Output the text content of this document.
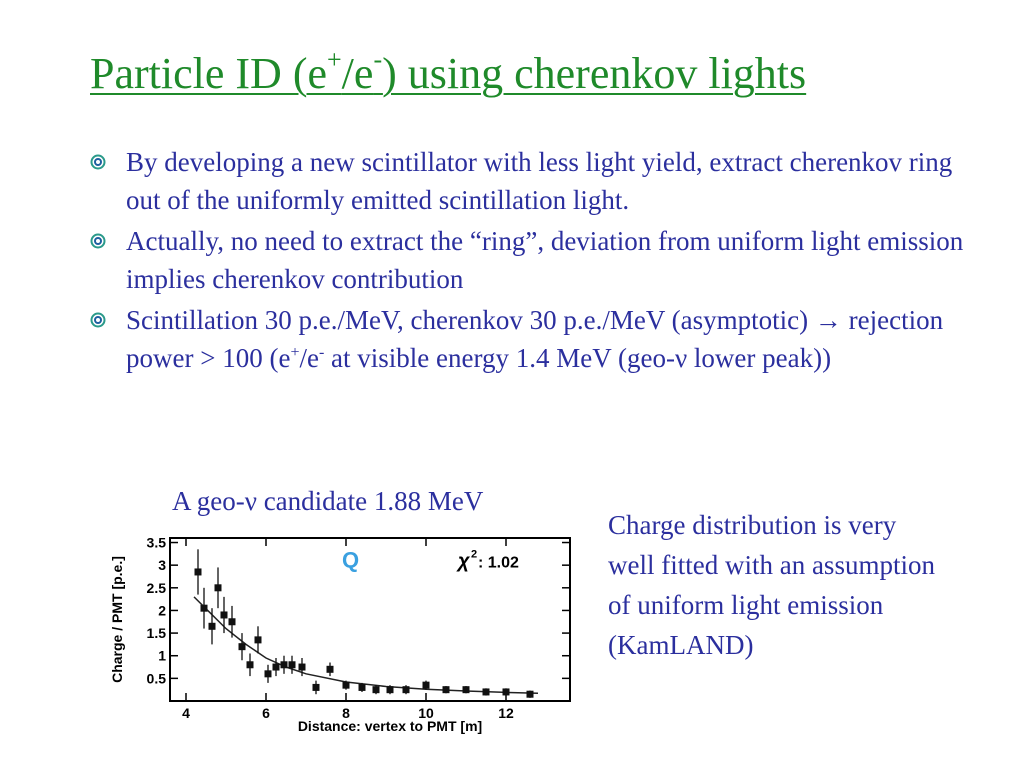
Particle ID (e+/e-) using cherenkov lights
By developing a new scintillator with less light yield, extract cherenkov ring out of the uniformly emitted scintillation light.
Actually, no need to extract the “ring”, deviation from uniform light emission implies cherenkov contribution
Scintillation 30 p.e./MeV, cherenkov 30 p.e./MeV (asymptotic) → rejection power > 100 (e+/e- at visible energy 1.4 MeV (geo-ν lower peak))
A geo-ν candidate 1.88 MeV
0.5
1
1.5
2
2.5
3
3.5
4	6	8	10	12
Charge / PMT [p.e.]
Distance: vertex to PMT [m]
Q	χ 2 : 1.02
Charge distribution is very well fitted with an assumption of uniform light emission (KamLAND)
